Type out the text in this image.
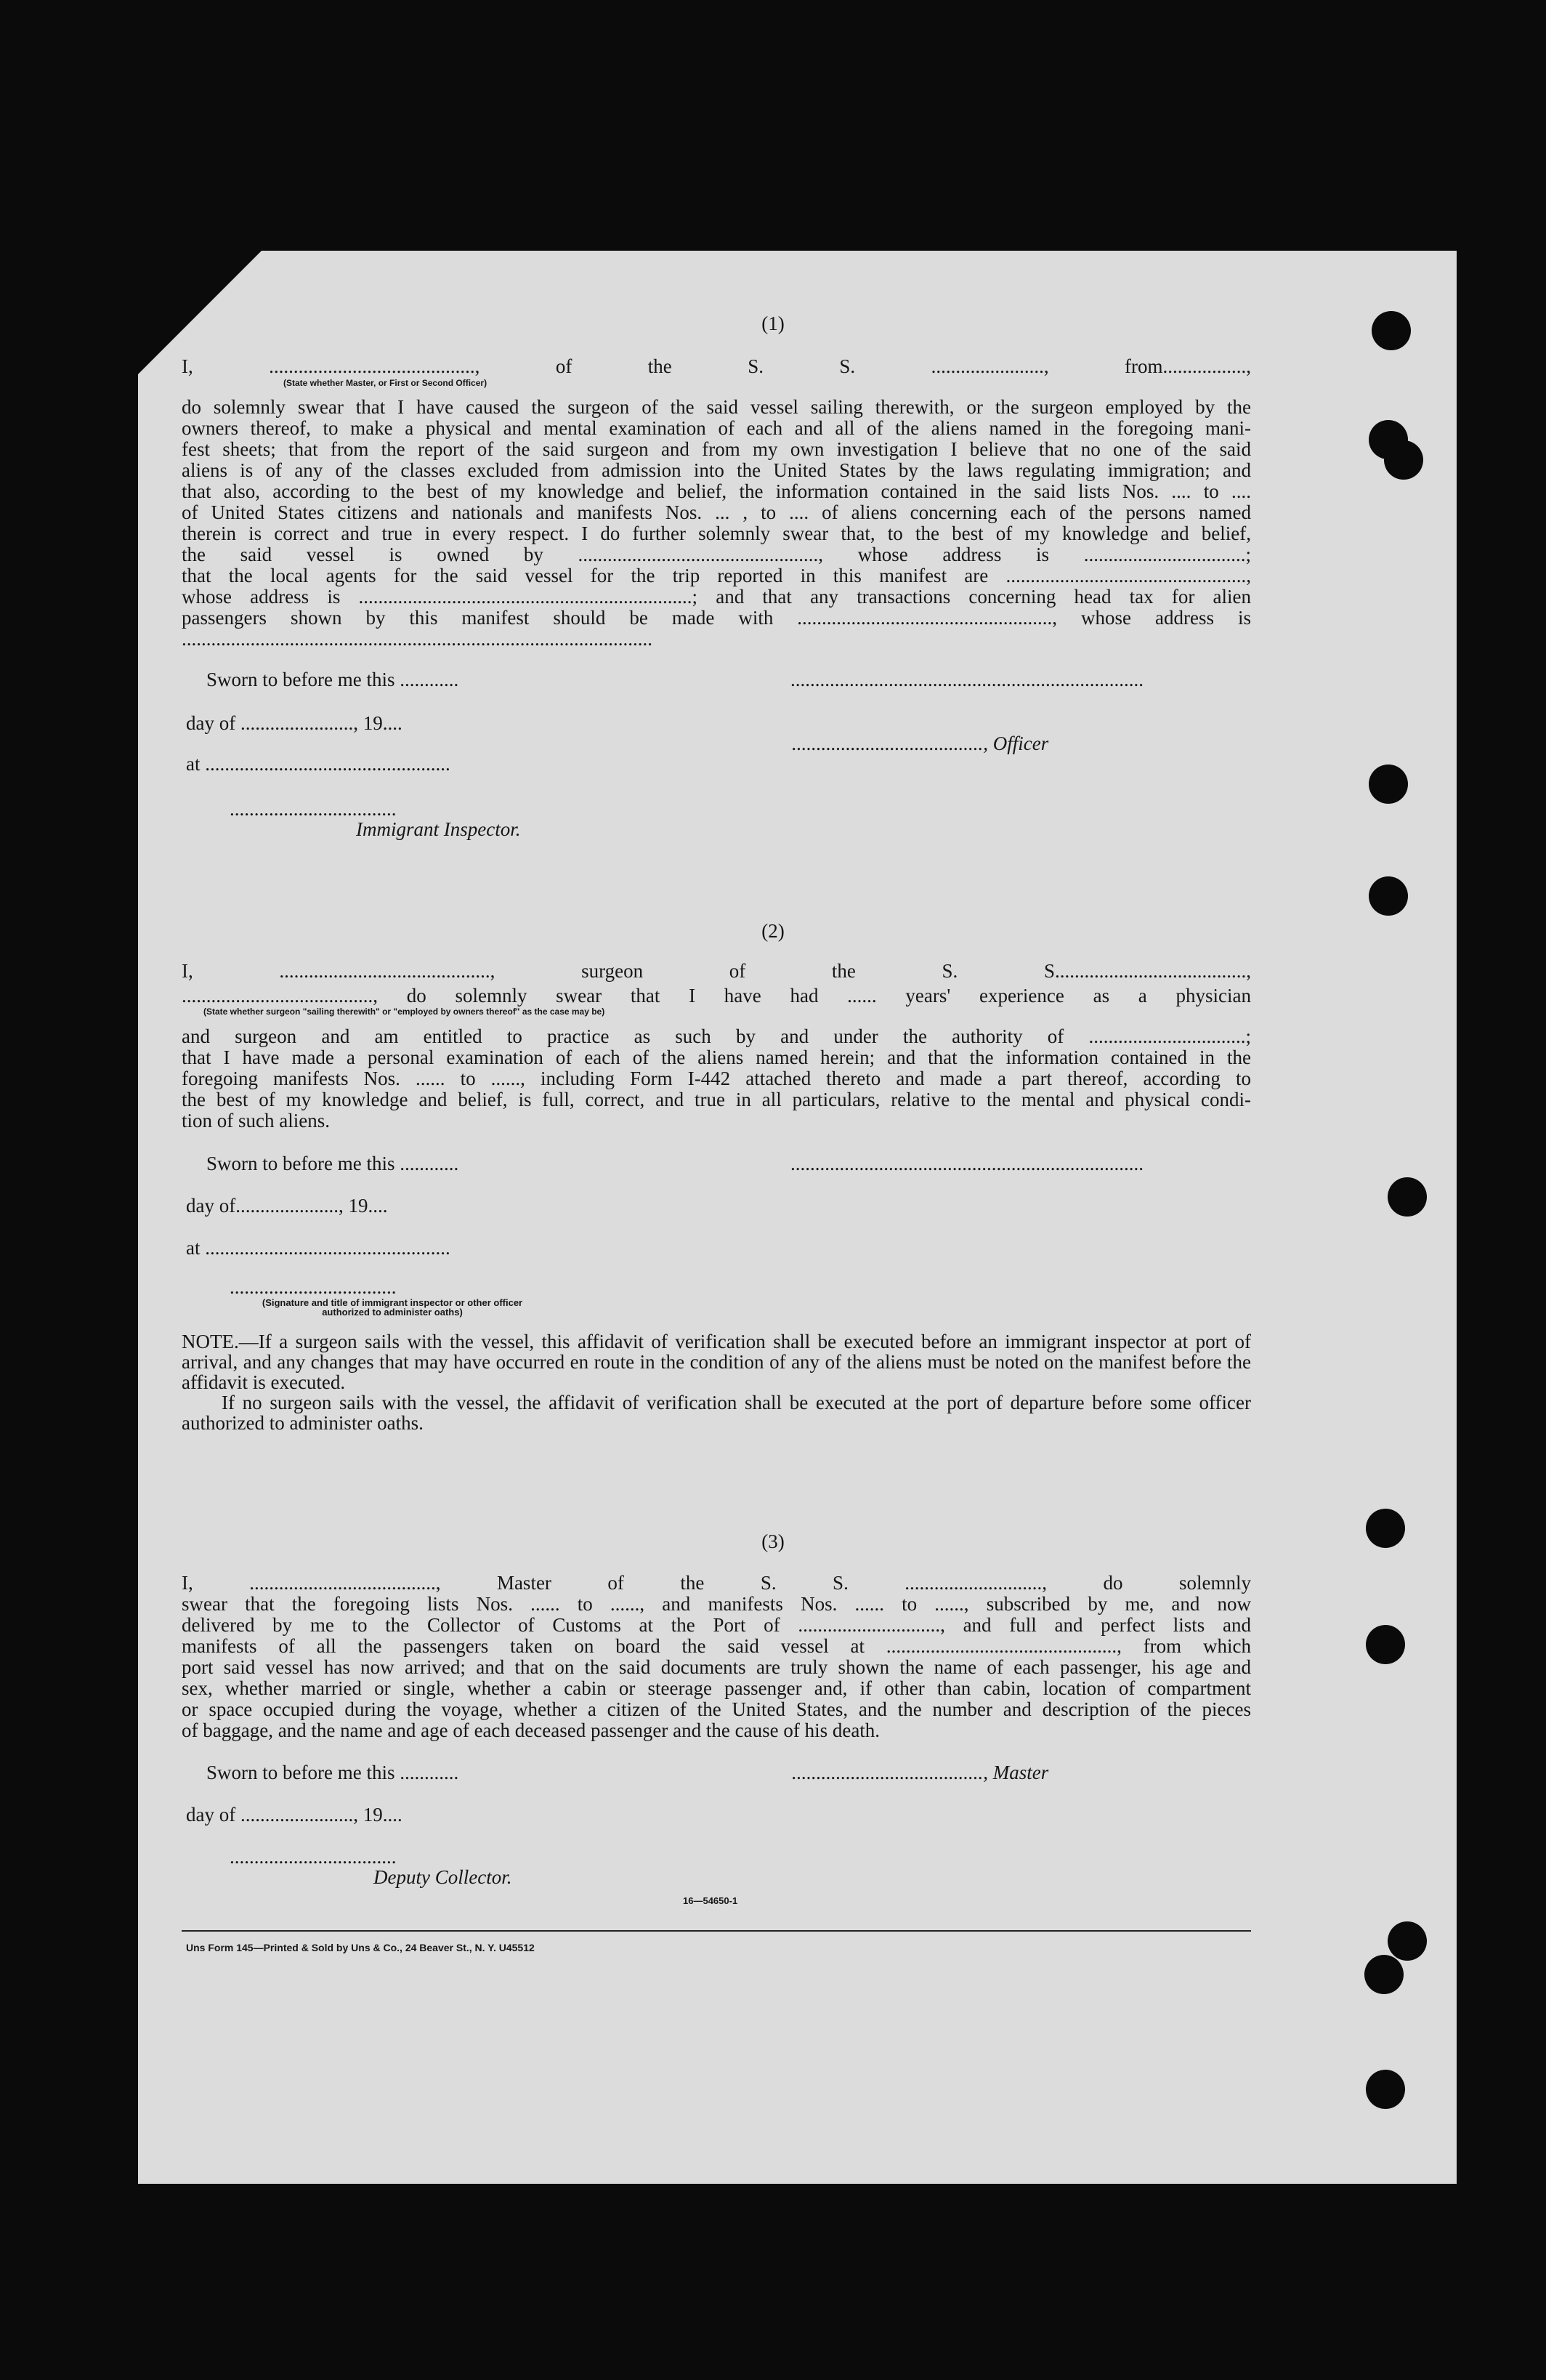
(1)
I, .........................................., of the S. S. ......................., from.................,
(State whether Master, or First or Second Officer)
do solemnly swear that I have caused the surgeon of the said vessel sailing therewith, or the surgeon employed by the
owners thereof, to make a physical and mental examination of each and all of the aliens named in the foregoing mani-
fest sheets; that from the report of the said surgeon and from my own investigation I believe that no one of the said
aliens is of any of the classes excluded from admission into the United States by the laws regulating immigration; and
that also, according to the best of my knowledge and belief, the information contained in the said lists Nos. .... to ....
of United States citizens and nationals and manifests Nos. ... , to .... of aliens concerning each of the persons named
therein is correct and true in every respect. I do further solemnly swear that, to the best of my knowledge and belief,
the said vessel is owned by ................................................., whose address is .................................;
that the local agents for the said vessel for the trip reported in this manifest are .................................................,
whose address is ....................................................................; and that any transactions concerning head tax for alien
passengers shown by this manifest should be made with ...................................................., whose address is
................................................................................................
Sworn to before me this ............	........................................................................
day of ......................., 19....
......................................., Officer
at ..................................................
..................................
Immigrant Inspector.
(2)
I, ..........................................., surgeon of the S. S.......................................,
......................................., do solemnly swear that I have had ...... years' experience as a physician
(State whether surgeon "sailing therewith" or "employed by owners thereof" as the case may be)
and surgeon and am entitled to practice as such by and under the authority of ................................;
that I have made a personal examination of each of the aliens named herein; and that the information contained in the
foregoing manifests Nos. ...... to ......, including Form I-442 attached thereto and made a part thereof, according to
the best of my knowledge and belief, is full, correct, and true in all particulars, relative to the mental and physical condi-
tion of such aliens.
Sworn to before me this ............	........................................................................
day of....................., 19....
at ..................................................
..................................
(Signature and title of immigrant inspector or other officer authorized to administer oaths)

NOTE.—If a surgeon sails with the vessel, this affidavit of verification shall be executed before an immigrant inspector at port of arrival, and any changes that may have occurred en route in the condition of any of the aliens must be noted on the manifest before the affidavit is executed.

If no surgeon sails with the vessel, the affidavit of verification shall be executed at the port of departure before some officer authorized to administer oaths.

(3)
I, ......................................, Master of the S. S. ............................, do solemnly
swear that the foregoing lists Nos. ...... to ......, and manifests Nos. ...... to ......, subscribed by me, and now
delivered by me to the Collector of Customs at the Port of ............................., and full and perfect lists and
manifests of all the passengers taken on board the said vessel at ..............................................., from which
port said vessel has now arrived; and that on the said documents are truly shown the name of each passenger, his age and
sex, whether married or single, whether a cabin or steerage passenger and, if other than cabin, location of compartment
or space occupied during the voyage, whether a citizen of the United States, and the number and description of the pieces
of baggage, and the name and age of each deceased passenger and the cause of his death.
Sworn to before me this ............	......................................., Master
day of ......................., 19....
..................................
Deputy Collector.
16—54650-1
Uns Form 145—Printed & Sold by Uns & Co., 24 Beaver St., N. Y. U45512
